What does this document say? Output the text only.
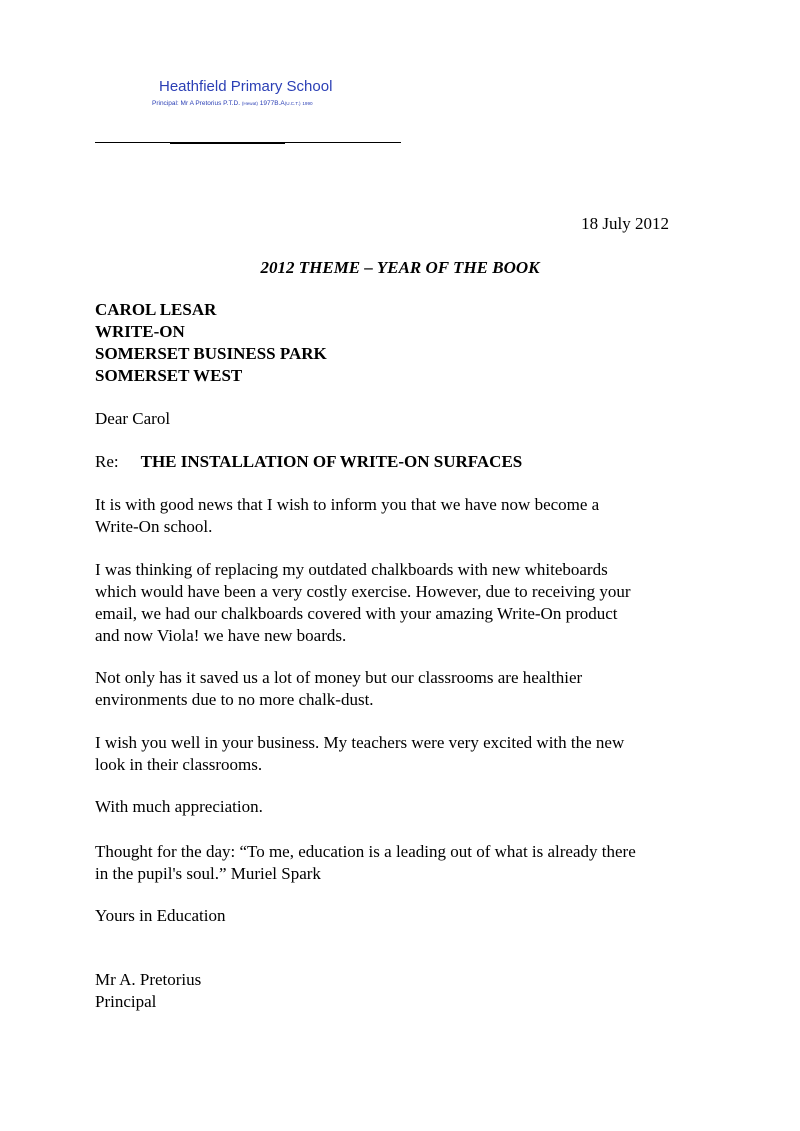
Heathfield Primary School
Principal: Mr A Pretorius P.T.D. (Hewat) 1977B.A(U.C.T.) 1990
18 July 2012
2012 THEME – YEAR OF THE BOOK
CAROL LESAR
WRITE-ON
SOMERSET BUSINESS PARK
SOMERSET WEST
Dear Carol
Re: THE INSTALLATION OF WRITE-ON SURFACES
It is with good news that I wish to inform you that we have now become a
Write-On school.
I was thinking of replacing my outdated chalkboards with new whiteboards
which would have been a very costly exercise. However, due to receiving your
email, we had our chalkboards covered with your amazing Write-On product
and now Viola! we have new boards.
Not only has it saved us a lot of money but our classrooms are healthier
environments due to no more chalk-dust.
I wish you well in your business. My teachers were very excited with the new
look in their classrooms.
With much appreciation.
Thought for the day: “To me, education is a leading out of what is already there
in the pupil's soul.” Muriel Spark
Yours in Education
Mr A. Pretorius
Principal
